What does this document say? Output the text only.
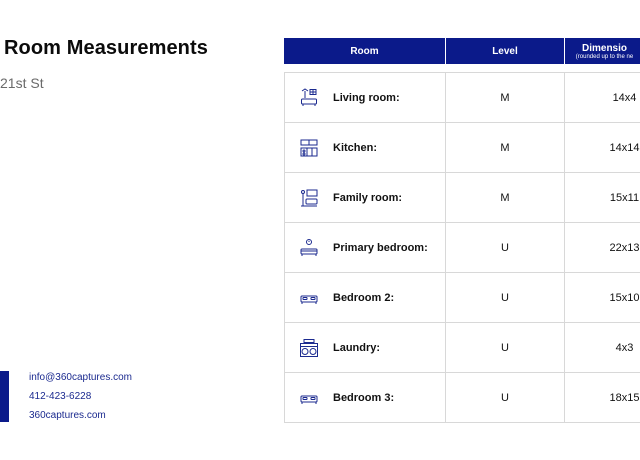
Room Measurements
21st St
info@360captures.com
412-423-6228
360captures.com
Room	Level	Dimensio
(rounded up to the ne
Living room:	M	14x4
Kitchen:	M	14x14
Family room:	M	15x11
Primary bedroom:	U	22x13
Bedroom 2:	U	15x10
Laundry:	U	4x3
Bedroom 3:	U	18x15
